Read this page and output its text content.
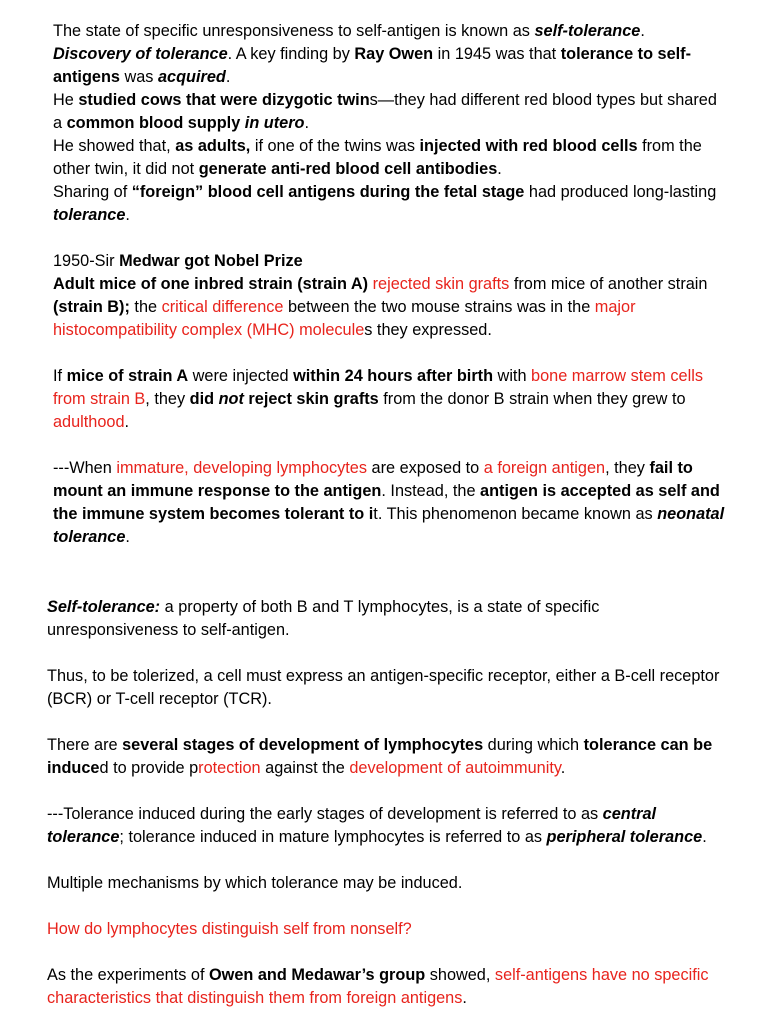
The state of specific unresponsiveness to self-antigen is known as self-tolerance. Discovery of tolerance. A key finding by Ray Owen in 1945 was that tolerance to self-antigens was acquired.

He studied cows that were dizygotic twins—they had different red blood types but shared a common blood supply in utero.

He showed that, as adults, if one of the twins was injected with red blood cells from the other twin, it did not generate anti-red blood cell antibodies.

Sharing of “foreign” blood cell antigens during the fetal stage had produced long-lasting tolerance.

1950-Sir Medwar got Nobel Prize

Adult mice of one inbred strain (strain A) rejected skin grafts from mice of another strain (strain B); the critical difference between the two mouse strains was in the major histocompatibility complex (MHC) molecules they expressed.

If mice of strain A were injected within 24 hours after birth with bone marrow stem cells from strain B, they did not reject skin grafts from the donor B strain when they grew to adulthood.

---When immature, developing lymphocytes are exposed to a foreign antigen, they fail to mount an immune response to the antigen. Instead, the antigen is accepted as self and the immune system becomes tolerant to it. This phenomenon became known as neonatal tolerance.

Self-tolerance: a property of both B and T lymphocytes, is a state of specific unresponsiveness to self-antigen.

Thus, to be tolerized, a cell must express an antigen-specific receptor, either a B-cell receptor (BCR) or T-cell receptor (TCR).

There are several stages of development of lymphocytes during which tolerance can be induced to provide protection against the development of autoimmunity.

---Tolerance induced during the early stages of development is referred to as central tolerance; tolerance induced in mature lymphocytes is referred to as peripheral tolerance.

Multiple mechanisms by which tolerance may be induced.

How do lymphocytes distinguish self from nonself?

As the experiments of Owen and Medawar’s group showed, self-antigens have no specific characteristics that distinguish them from foreign antigens.
